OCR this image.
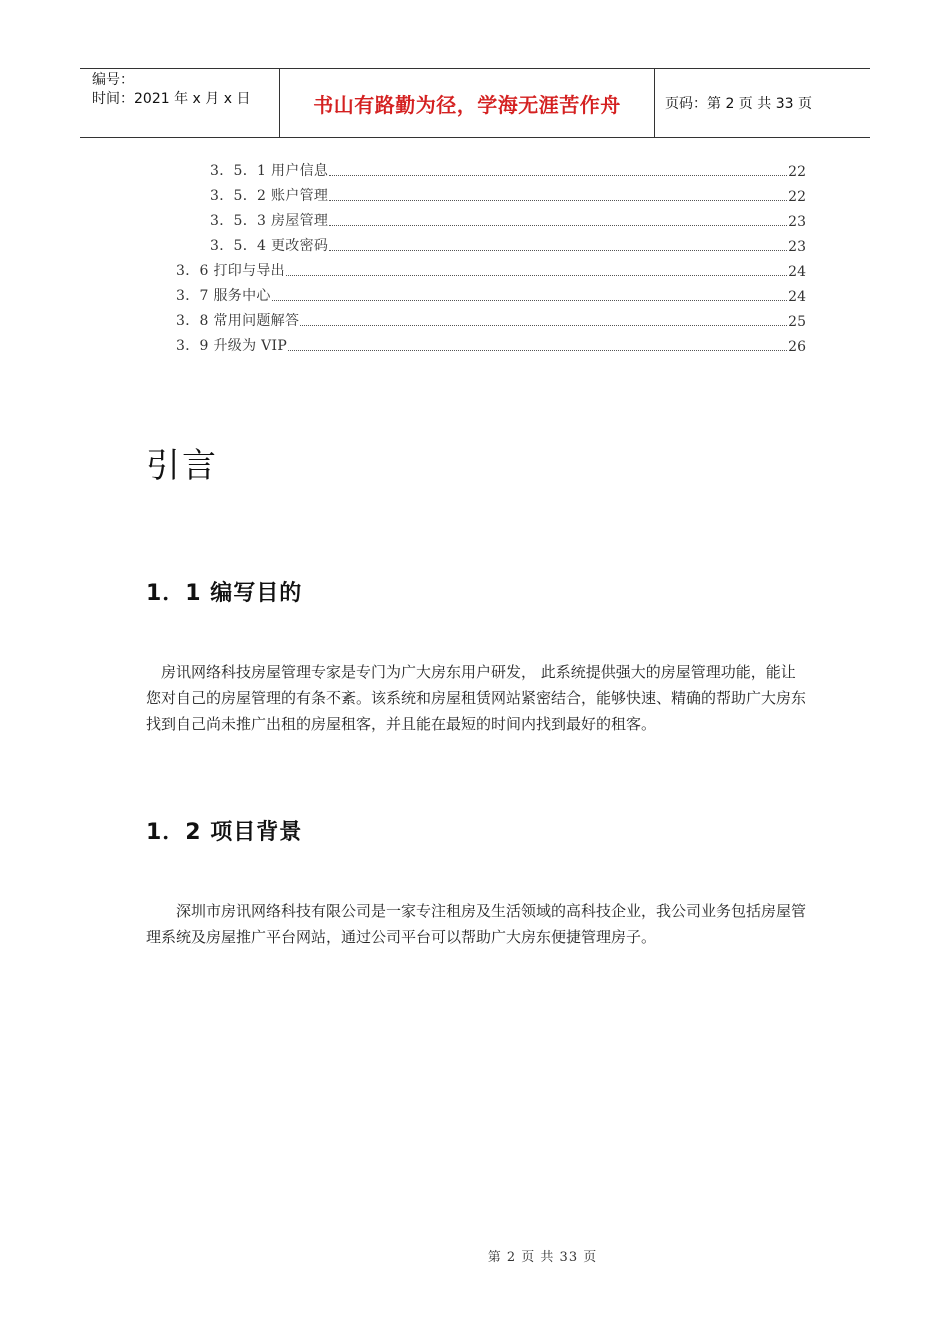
编号：
时间：2021 年 x 月 x 日	书山有路勤为径，学海无涯苦作舟	页码：第 2 页 共 33 页
3．5．1 用户信息	22
3．5．2 账户管理	22
3．5．3 房屋管理	23
3．5．4 更改密码	23
3．6 打印与导出	24
3．7 服务中心	24
3．8 常用问题解答	25
3．9 升级为 VIP	26
引言
1．1 编写目的
房讯网络科技房屋管理专家是专门为广大房东用户研发， 此系统提供强大的房屋管理功能，能让您对自己的房屋管理的有条不紊。该系统和房屋租赁网站紧密结合，能够快速、精确的帮助广大房东找到自己尚未推广出租的房屋租客，并且能在最短的时间内找到最好的租客。
1．2 项目背景
深圳市房讯网络科技有限公司是一家专注租房及生活领域的高科技企业，我公司业务包括房屋管理系统及房屋推广平台网站，通过公司平台可以帮助广大房东便捷管理房子。
第 2 页 共 33 页
